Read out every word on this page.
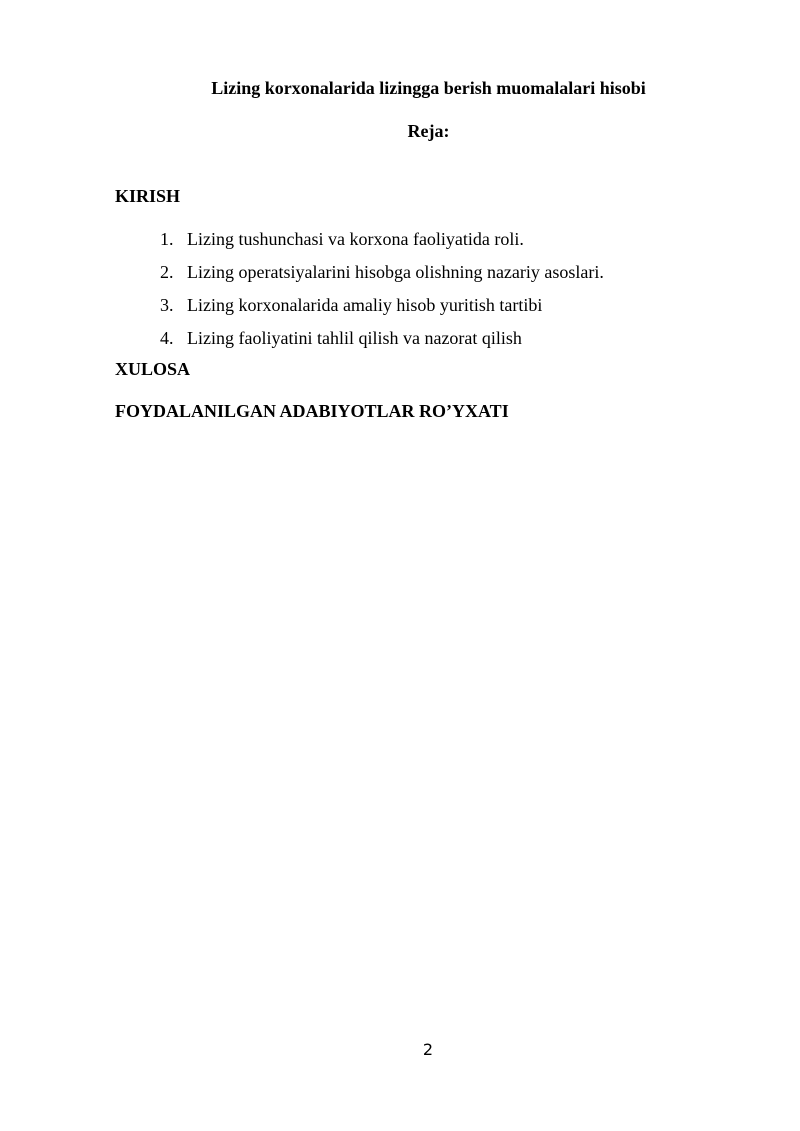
Lizing korxonalarida lizingga berish muomalalari hisobi
Reja:
KIRISH
1. Lizing tushunchasi va korxona faoliyatida roli.
2. Lizing operatsiyalarini hisobga olishning nazariy asoslari.
3. Lizing korxonalarida amaliy hisob yuritish tartibi
4. Lizing faoliyatini tahlil qilish va nazorat qilish
XULOSA
FOYDALANILGAN ADABIYOTLAR RO’YXATI
2
